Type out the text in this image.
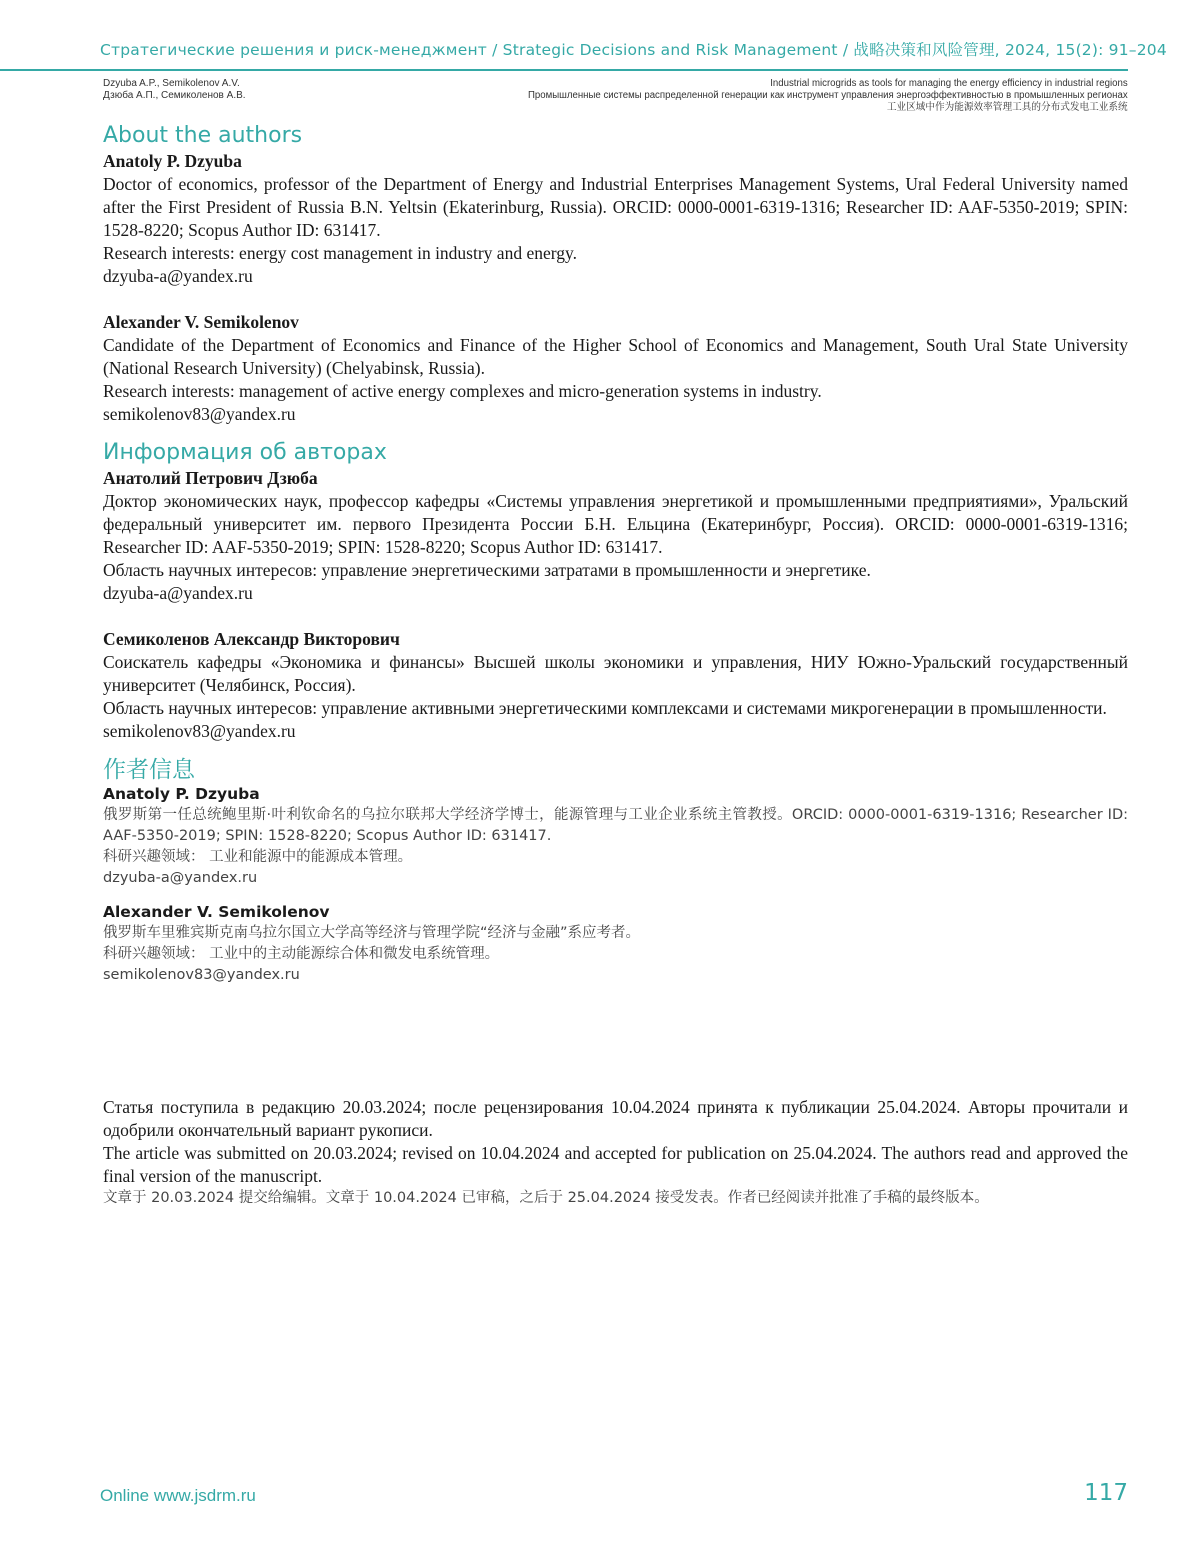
Стратегические решения и риск-менеджмент / Strategic Decisions and Risk Management / 战略决策和风险管理, 2024, 15(2): 91–204
Dzyuba A.P., Semikolenov A.V.
Дзюба А.П., Семиколенов А.В.
Industrial microgrids as tools for managing the energy efficiency in industrial regions
Промышленные системы распределенной генерации как инструмент управления энергоэффективностью в промышленных регионах
工业区域中作为能源效率管理工具的分布式发电工业系统
About the authors
Anatoly P. Dzyuba

Doctor of economics, professor of the Department of Energy and Industrial Enterprises Management Systems, Ural Federal University named after the First President of Russia B.N. Yeltsin (Ekaterinburg, Russia). ORCID: 0000-0001-6319-1316; Researcher ID: AAF-5350-2019; SPIN: 1528-8220; Scopus Author ID: 631417.

Research interests: energy cost management in industry and energy.

dzyuba-a@yandex.ru

Alexander V. Semikolenov

Candidate of the Department of Economics and Finance of the Higher School of Economics and Management, South Ural State University (National Research University) (Chelyabinsk, Russia).

Research interests: management of active energy complexes and micro-generation systems in industry.

semikolenov83@yandex.ru

Информация об авторах
Анатолий Петрович Дзюба

Доктор экономических наук, профессор кафедры «Системы управления энергетикой и промышленными предприятиями», Уральский федеральный университет им. первого Президента России Б.Н. Ельцина (Екатеринбург, Россия). ORCID: 0000-0001-6319-1316; Researcher ID: AAF-5350-2019; SPIN: 1528-8220; Scopus Author ID: 631417.

Область научных интересов: управление энергетическими затратами в промышленности и энергетике.

dzyuba-a@yandex.ru

Семиколенов Александр Викторович

Соискатель кафедры «Экономика и финансы» Высшей школы экономики и управления, НИУ Южно-Уральский государственный университет (Челябинск, Россия).

Область научных интересов: управление активными энергетическими комплексами и системами микрогенерации в промышленности.

semikolenov83@yandex.ru

作者信息
Anatoly P. Dzyuba

俄罗斯第一任总统鲍里斯·叶利钦命名的乌拉尔联邦大学经济学博士，能源管理与工业企业系统主管教授。ORCID: 0000-0001-6319-1316; Researcher ID: AAF-5350-2019; SPIN: 1528-8220; Scopus Author ID: 631417.

科研兴趣领域： 工业和能源中的能源成本管理。

dzyuba-a@yandex.ru

Alexander V. Semikolenov

俄罗斯车里雅宾斯克南乌拉尔国立大学高等经济与管理学院“经济与金融”系应考者。

科研兴趣领域： 工业中的主动能源综合体和微发电系统管理。

semikolenov83@yandex.ru

Статья поступила в редакцию 20.03.2024; после рецензирования 10.04.2024 принята к публикации 25.04.2024. Авторы прочитали и одобрили окончательный вариант рукописи.

The article was submitted on 20.03.2024; revised on 10.04.2024 and accepted for publication on 25.04.2024. The authors read and approved the final version of the manuscript.

文章于 20.03.2024 提交给编辑。文章于 10.04.2024 已审稿，之后于 25.04.2024 接受发表。作者已经阅读并批准了手稿的最终版本。

Online www.jsdrm.ru	117
